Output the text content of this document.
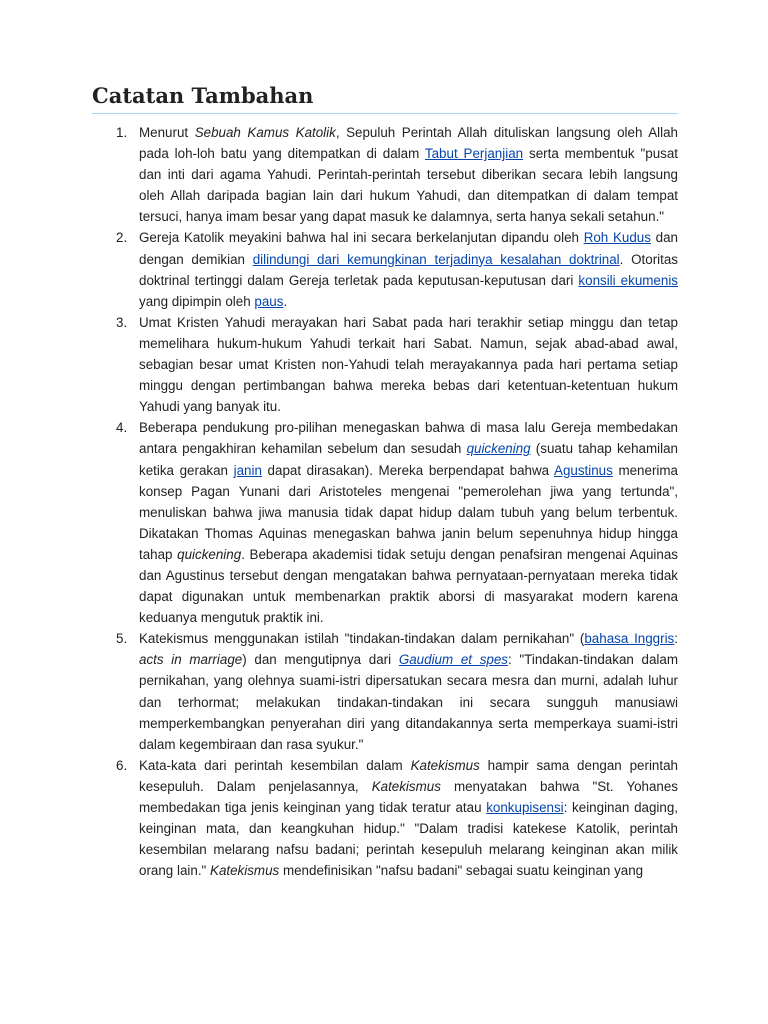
Catatan Tambahan
1. Menurut Sebuah Kamus Katolik, Sepuluh Perintah Allah dituliskan langsung oleh Allah pada loh-loh batu yang ditempatkan di dalam Tabut Perjanjian serta membentuk "pusat dan inti dari agama Yahudi. Perintah-perintah tersebut diberikan secara lebih langsung oleh Allah daripada bagian lain dari hukum Yahudi, dan ditempatkan di dalam tempat tersuci, hanya imam besar yang dapat masuk ke dalamnya, serta hanya sekali setahun."
2. Gereja Katolik meyakini bahwa hal ini secara berkelanjutan dipandu oleh Roh Kudus dan dengan demikian dilindungi dari kemungkinan terjadinya kesalahan doktrinal. Otoritas doktrinal tertinggi dalam Gereja terletak pada keputusan-keputusan dari konsili ekumenis yang dipimpin oleh paus.
3. Umat Kristen Yahudi merayakan hari Sabat pada hari terakhir setiap minggu dan tetap memelihara hukum-hukum Yahudi terkait hari Sabat. Namun, sejak abad-abad awal, sebagian besar umat Kristen non-Yahudi telah merayakannya pada hari pertama setiap minggu dengan pertimbangan bahwa mereka bebas dari ketentuan-ketentuan hukum Yahudi yang banyak itu.
4. Beberapa pendukung pro-pilihan menegaskan bahwa di masa lalu Gereja membedakan antara pengakhiran kehamilan sebelum dan sesudah quickening (suatu tahap kehamilan ketika gerakan janin dapat dirasakan). Mereka berpendapat bahwa Agustinus menerima konsep Pagan Yunani dari Aristoteles mengenai "pemerolehan jiwa yang tertunda", menuliskan bahwa jiwa manusia tidak dapat hidup dalam tubuh yang belum terbentuk. Dikatakan Thomas Aquinas menegaskan bahwa janin belum sepenuhnya hidup hingga tahap quickening. Beberapa akademisi tidak setuju dengan penafsiran mengenai Aquinas dan Agustinus tersebut dengan mengatakan bahwa pernyataan-pernyataan mereka tidak dapat digunakan untuk membenarkan praktik aborsi di masyarakat modern karena keduanya mengutuk praktik ini.
5. Katekismus menggunakan istilah "tindakan-tindakan dalam pernikahan" (bahasa Inggris: acts in marriage) dan mengutipnya dari Gaudium et spes: "Tindakan-tindakan dalam pernikahan, yang olehnya suami-istri dipersatukan secara mesra dan murni, adalah luhur dan terhormat; melakukan tindakan-tindakan ini secara sungguh manusiawi memperkembangkan penyerahan diri yang ditandakannya serta memperkaya suami-istri dalam kegembiraan dan rasa syukur."
6. Kata-kata dari perintah kesembilan dalam Katekismus hampir sama dengan perintah kesepuluh. Dalam penjelasannya, Katekismus menyatakan bahwa "St. Yohanes membedakan tiga jenis keinginan yang tidak teratur atau konkupisensi: keinginan daging, keinginan mata, dan keangkuhan hidup." "Dalam tradisi katekese Katolik, perintah kesembilan melarang nafsu badani; perintah kesepuluh melarang keinginan akan milik orang lain." Katekismus mendefinisikan "nafsu badani" sebagai suatu keinginan yang
